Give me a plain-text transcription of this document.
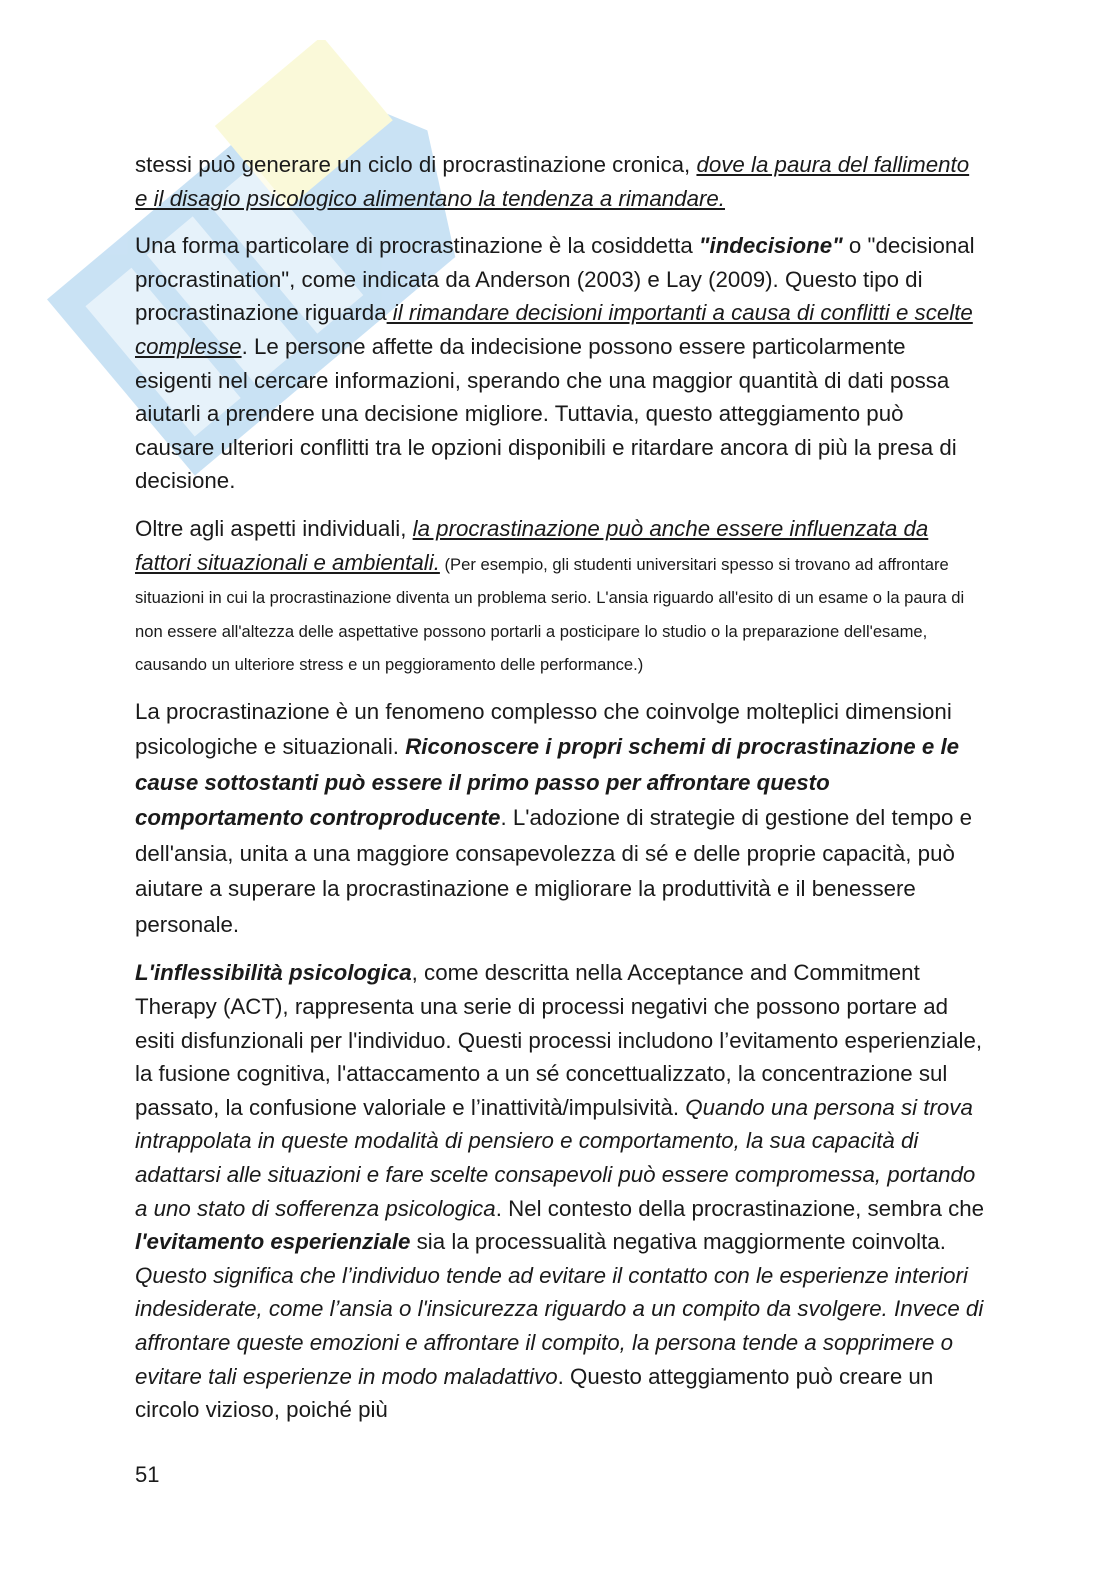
stessi può generare un ciclo di procrastinazione cronica, dove la paura del fallimento e il disagio psicologico alimentano la tendenza a rimandare.

Una forma particolare di procrastinazione è la cosiddetta "indecisione" o "decisional procrastination", come indicata da Anderson (2003) e Lay (2009). Questo tipo di procrastinazione riguarda il rimandare decisioni importanti a causa di conflitti e scelte complesse. Le persone affette da indecisione possono essere particolarmente esigenti nel cercare informazioni, sperando che una maggior quantità di dati possa aiutarli a prendere una decisione migliore. Tuttavia, questo atteggiamento può causare ulteriori conflitti tra le opzioni disponibili e ritardare ancora di più la presa di decisione.

Oltre agli aspetti individuali, la procrastinazione può anche essere influenzata da fattori situazionali e ambientali. (Per esempio, gli studenti universitari spesso si trovano ad affrontare situazioni in cui la procrastinazione diventa un problema serio. L'ansia riguardo all'esito di un esame o la paura di non essere all'altezza delle aspettative possono portarli a posticipare lo studio o la preparazione dell'esame, causando un ulteriore stress e un peggioramento delle performance.)

La procrastinazione è un fenomeno complesso che coinvolge molteplici dimensioni psicologiche e situazionali. Riconoscere i propri schemi di procrastinazione e le cause sottostanti può essere il primo passo per affrontare questo comportamento controproducente. L'adozione di strategie di gestione del tempo e dell'ansia, unita a una maggiore consapevolezza di sé e delle proprie capacità, può aiutare a superare la procrastinazione e migliorare la produttività e il benessere personale.

L'inflessibilità psicologica, come descritta nella Acceptance and Commitment Therapy (ACT), rappresenta una serie di processi negativi che possono portare ad esiti disfunzionali per l'individuo. Questi processi includono l’evitamento esperienziale, la fusione cognitiva, l'attaccamento a un sé concettualizzato, la concentrazione sul passato, la confusione valoriale e l’inattività/impulsività. Quando una persona si trova intrappolata in queste modalità di pensiero e comportamento, la sua capacità di adattarsi alle situazioni e fare scelte consapevoli può essere compromessa, portando a uno stato di sofferenza psicologica. Nel contesto della procrastinazione, sembra che l'evitamento esperienziale sia la processualità negativa maggiormente coinvolta. Questo significa che l’individuo tende ad evitare il contatto con le esperienze interiori indesiderate, come l’ansia o l'insicurezza riguardo a un compito da svolgere. Invece di affrontare queste emozioni e affrontare il compito, la persona tende a sopprimere o evitare tali esperienze in modo maladattivo. Questo atteggiamento può creare un circolo vizioso, poiché più

51
